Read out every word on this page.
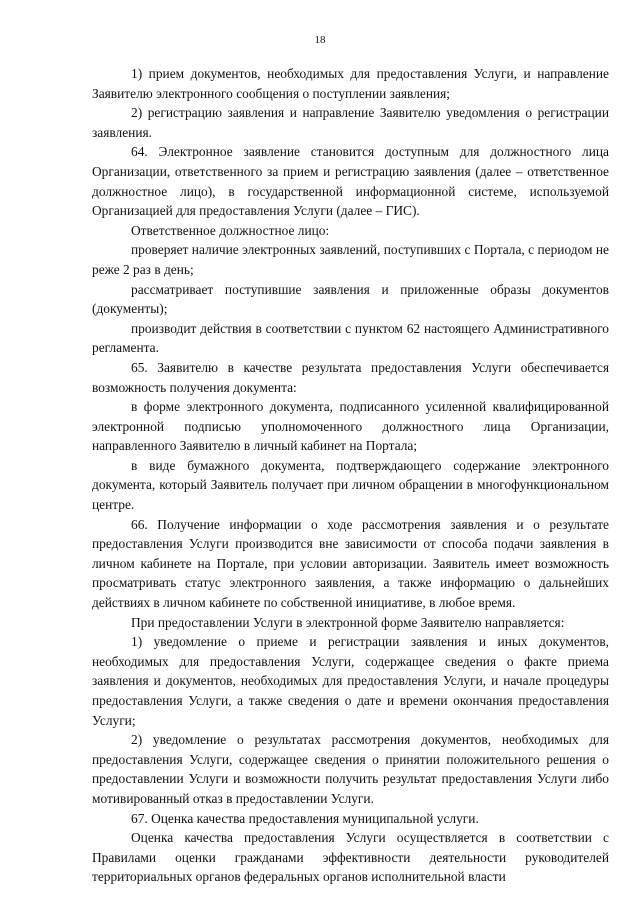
18

1) прием документов, необходимых для предоставления Услуги, и направление Заявителю электронного сообщения о поступлении заявления;

2) регистрацию заявления и направление Заявителю уведомления о регистрации заявления.

64. Электронное заявление становится доступным для должностного лица Организации, ответственного за прием и регистрацию заявления (далее – ответственное должностное лицо), в государственной информационной системе, используемой Организацией для предоставления Услуги (далее – ГИС).

Ответственное должностное лицо:

проверяет наличие электронных заявлений, поступивших с Портала, с периодом не реже 2 раз в день;

рассматривает поступившие заявления и приложенные образы документов (документы);

производит действия в соответствии с пунктом 62 настоящего Административного регламента.

65. Заявителю в качестве результата предоставления Услуги обеспечивается возможность получения документа:

в форме электронного документа, подписанного усиленной квалифицированной электронной подписью уполномоченного должностного лица Организации, направленного Заявителю в личный кабинет на Портала;

в виде бумажного документа, подтверждающего содержание электронного документа, который Заявитель получает при личном обращении в многофункциональном центре.

66. Получение информации о ходе рассмотрения заявления и о результате предоставления Услуги производится вне зависимости от способа подачи заявления в личном кабинете на Портале, при условии авторизации. Заявитель имеет возможность просматривать статус электронного заявления, а также информацию о дальнейших действиях в личном кабинете по собственной инициативе, в любое время.

При предоставлении Услуги в электронной форме Заявителю направляется:

1) уведомление о приеме и регистрации заявления и иных документов, необходимых для предоставления Услуги, содержащее сведения о факте приема заявления и документов, необходимых для предоставления Услуги, и начале процедуры предоставления Услуги, а также сведения о дате и времени окончания предоставления Услуги;

2) уведомление о результатах рассмотрения документов, необходимых для предоставления Услуги, содержащее сведения о принятии положительного решения о предоставлении Услуги и возможности получить результат предоставления Услуги либо мотивированный отказ в предоставлении Услуги.

67. Оценка качества предоставления муниципальной услуги.

Оценка качества предоставления Услуги осуществляется в соответствии с Правилами оценки гражданами эффективности деятельности руководителей территориальных органов федеральных органов исполнительной власти
